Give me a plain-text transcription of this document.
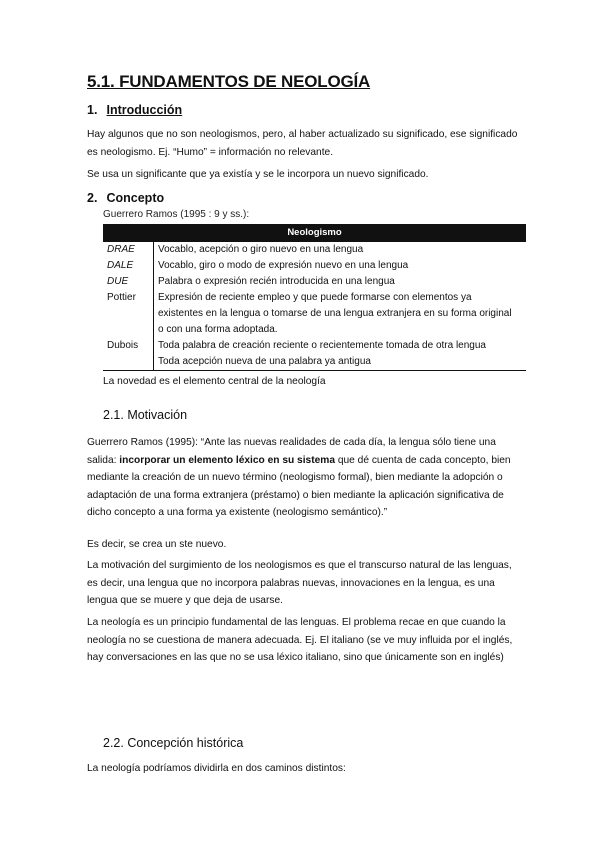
5.1. FUNDAMENTOS DE NEOLOGÍA
1. Introducción

Hay algunos que no son neologismos, pero, al haber actualizado su significado, ese significado es neologismo. Ej. “Humo” = información no relevante.

Se usa un significante que ya existía y se le incorpora un nuevo significado.

2. Concepto

Guerrero Ramos (1995 : 9 y ss.):

Neologismo	
DRAE	Vocablo, acepción o giro nuevo en una lengua

DALE	Vocablo, giro o modo de expresión nuevo en una lengua

DUE	Palabra o expresión recién introducida en una lengua

Pottier	Expresión de reciente empleo y que puede formarse con elementos ya
existentes en la lengua o tomarse de una lengua extranjera en su forma original
o con una forma adoptada.

Dubois	Toda palabra de creación reciente o recientemente tomada de otra lengua
Toda acepción nueva de una palabra ya antigua

La novedad es el elemento central de la neología

2.1. Motivación

Guerrero Ramos (1995): “Ante las nuevas realidades de cada día, la lengua sólo tiene una salida: incorporar un elemento léxico en su sistema que dé cuenta de cada concepto, bien mediante la creación de un nuevo término (neologismo formal), bien mediante la adopción o adaptación de una forma extranjera (préstamo) o bien mediante la aplicación significativa de dicho concepto a una forma ya existente (neologismo semántico).”

Es decir, se crea un ste nuevo.

La motivación del surgimiento de los neologismos es que el transcurso natural de las lenguas, es decir, una lengua que no incorpora palabras nuevas, innovaciones en la lengua, es una lengua que se muere y que deja de usarse.

La neología es un principio fundamental de las lenguas. El problema recae en que cuando la neología no se cuestiona de manera adecuada. Ej. El italiano (se ve muy influida por el inglés, hay conversaciones en las que no se usa léxico italiano, sino que únicamente son en inglés)

2.2. Concepción histórica

La neología podríamos dividirla en dos caminos distintos:
